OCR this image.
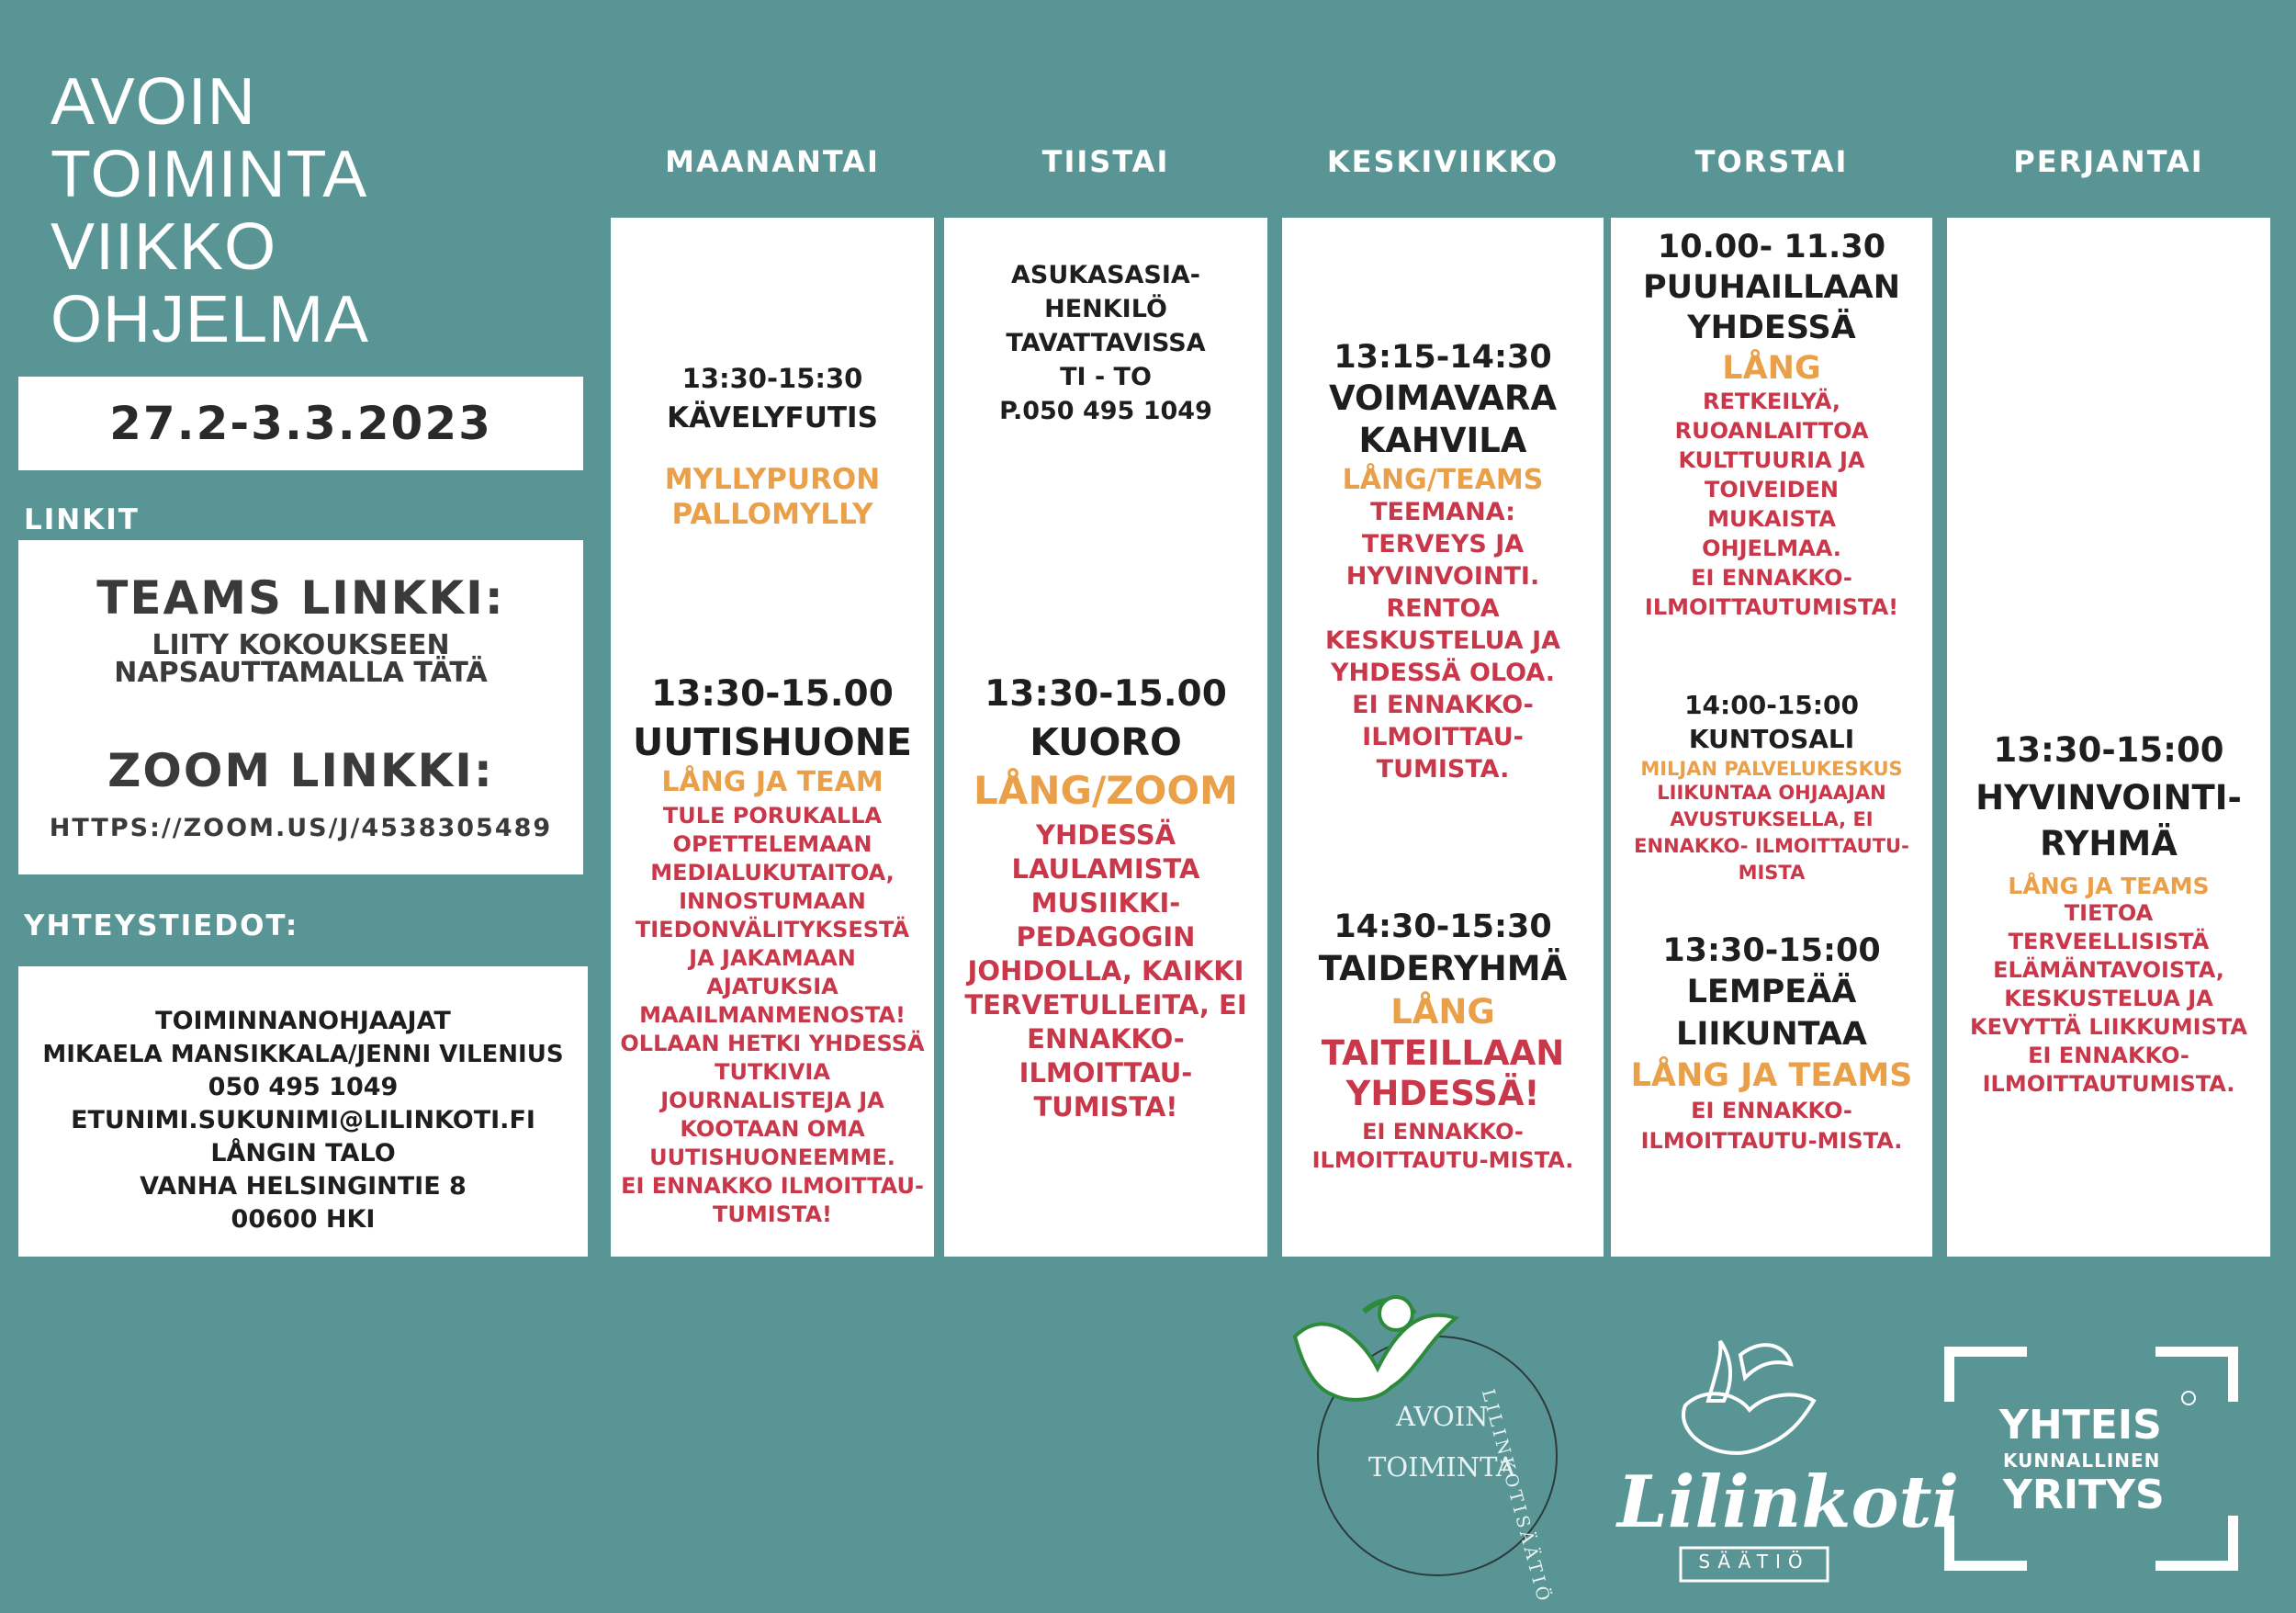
AVOIN
TOIMINTA
VIIKKO
OHJELMA
27.2-3.3.2023
LINKIT
TEAMS LINKKI:
LIITY KOKOUKSEEN
NAPSAUTTAMALLA TÄTÄ
ZOOM LINKKI:
HTTPS://ZOOM.US/J/4538305489
YHTEYSTIEDOT:
TOIMINNANOHJAAJAT
MIKAELA MANSIKKALA/JENNI VILENIUS
050 495 1049
ETUNIMI.SUKUNIMI@LILINKOTI.FI
LÅNGIN TALO
VANHA HELSINGINTIE 8
00600 HKI
MAANANTAI	TIISTAI	KESKIVIIKKO	TORSTAI	PERJANTAI
13:30-15:30
KÄVELYFUTIS
MYLLYPURON
PALLOMYLLY
13:30-15.00
UUTISHUONE
LÅNG JA TEAM
TULE PORUKALLA
OPETTELEMAAN
MEDIALUKUTAITOA,
INNOSTUMAAN
TIEDONVÄLITYKSESTÄ
JA JAKAMAAN
AJATUKSIA
MAAILMANMENOSTA!
OLLAAN HETKI YHDESSÄ
TUTKIVIA
JOURNALISTEJA JA
KOOTAAN OMA
UUTISHUONEEMME.
EI ENNAKKO ILMOITTAU-
TUMISTA!
ASUKASASIA-
HENKILÖ
TAVATTAVISSA
TI - TO
P.050 495 1049
13:30-15.00
KUORO
LÅNG/ZOOM
YHDESSÄ
LAULAMISTA
MUSIIKKI-
PEDAGOGIN
JOHDOLLA, KAIKKI
TERVETULLEITA, EI
ENNAKKO-
ILMOITTAU-
TUMISTA!
13:15-14:30
VOIMAVARA
KAHVILA
LÅNG/TEAMS
TEEMANA:
TERVEYS JA
HYVINVOINTI.
RENTOA
KESKUSTELUA JA
YHDESSÄ OLOA.
EI ENNAKKO-
ILMOITTAU-
TUMISTA.
14:30-15:30
TAIDERYHMÄ
LÅNG
TAITEILLAAN
YHDESSÄ!
EI ENNAKKO-
ILMOITTAUTU-MISTA.
10.00- 11.30
PUUHAILLAAN
YHDESSÄ
LÅNG
RETKEILYÄ,
RUOANLAITTOA
KULTTUURIA JA
TOIVEIDEN
MUKAISTA
OHJELMAA.
EI ENNAKKO-
ILMOITTAUTUMISTA!
14:00-15:00
KUNTOSALI
MILJAN PALVELUKESKUS
LIIKUNTAA OHJAAJAN
AVUSTUKSELLA, EI
ENNAKKO- ILMOITTAUTU-
MISTA
13:30-15:00
LEMPEÄÄ
LIIKUNTAA
LÅNG JA TEAMS
EI ENNAKKO-
ILMOITTAUTU-MISTA.
13:30-15:00
HYVINVOINTI-
RYHMÄ
LÅNG JA TEAMS
TIETOA
TERVEELLISISTÄ
ELÄMÄNTAVOISTA,
KESKUSTELUA JA
KEVYTTÄ LIIKKUMISTA
EI ENNAKKO-
ILMOITTAUTUMISTA.
AVOIN
TOIMINTA
LILINKOTISÄÄTIÖ Lilinkoti
SÄÄTIÖ
YHTEIS
KUNNALLINEN
YRITYS
